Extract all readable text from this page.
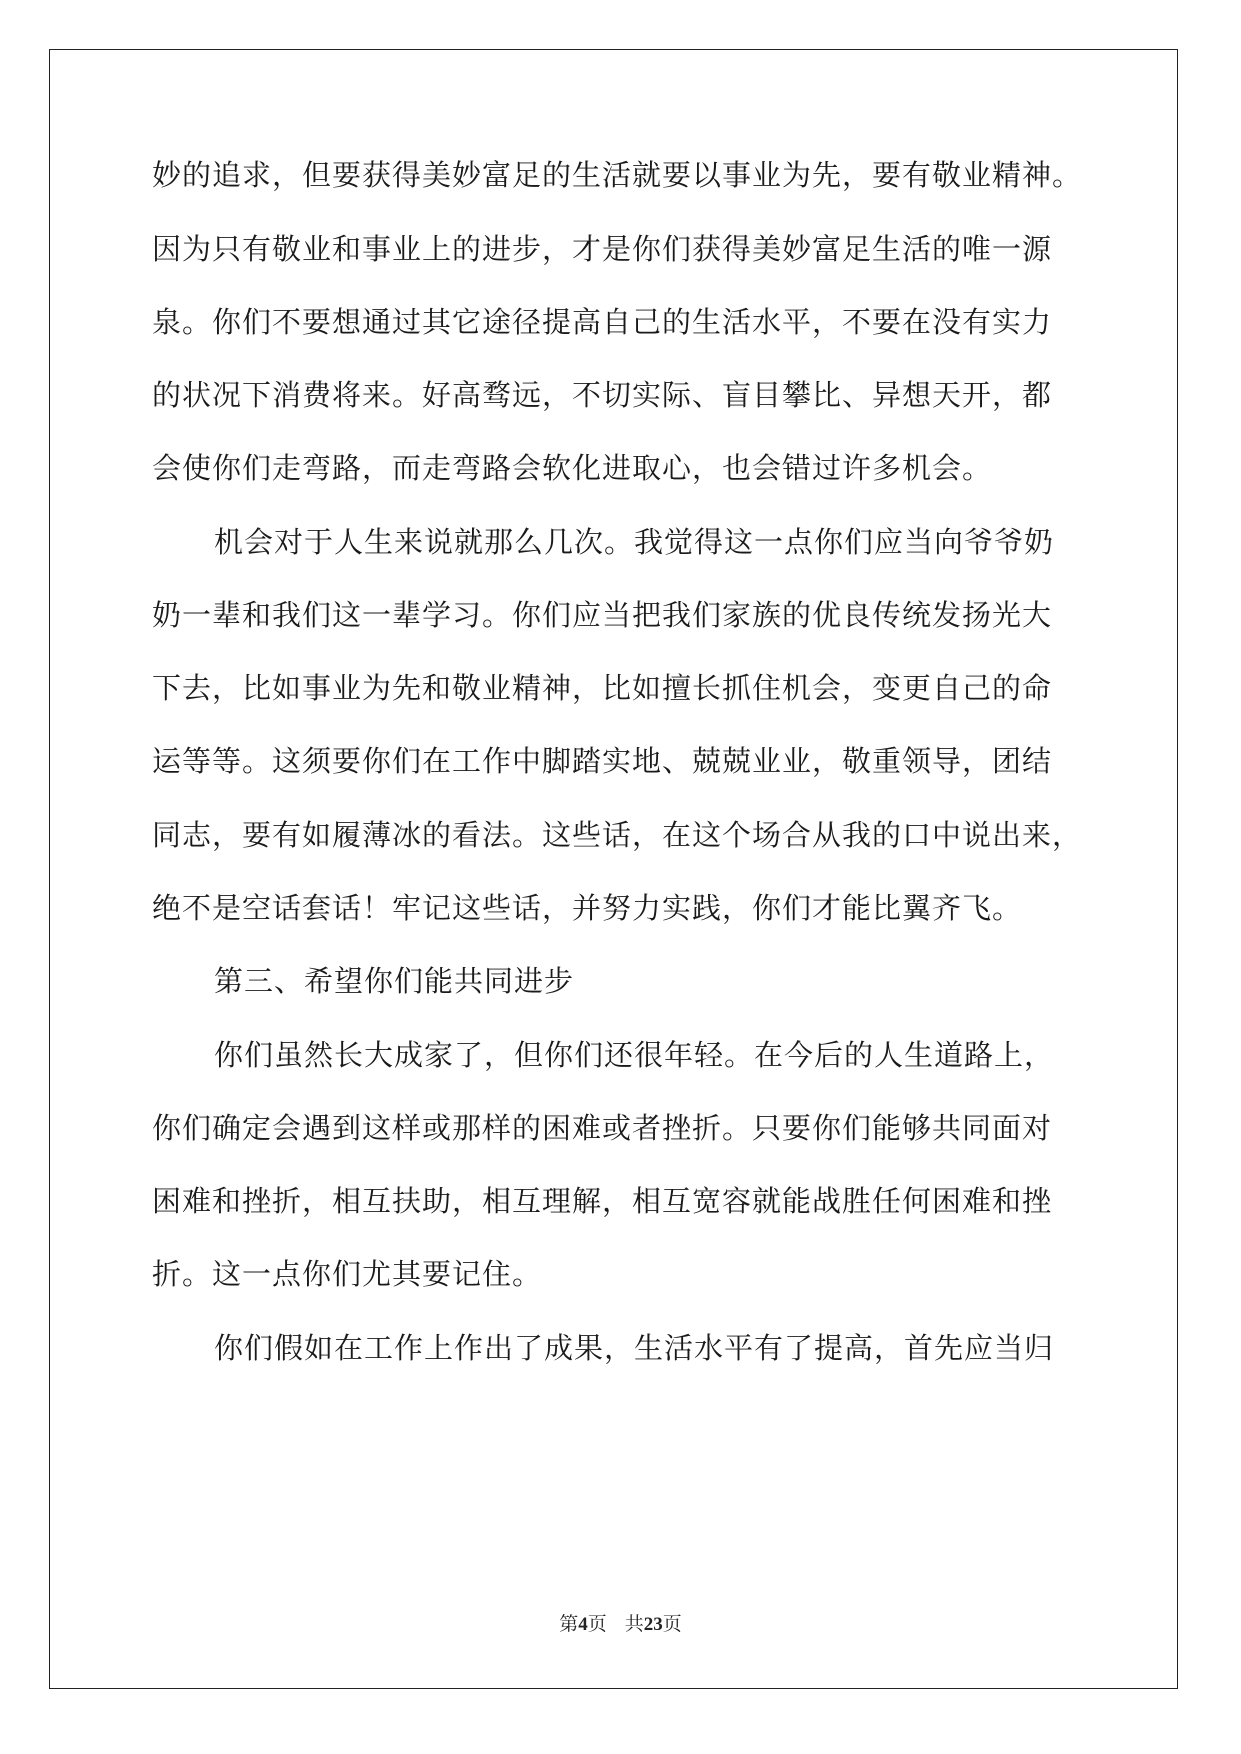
妙的追求，但要获得美妙富足的生活就要以事业为先，要有敬业精神。
因为只有敬业和事业上的进步，才是你们获得美妙富足生活的唯一源
泉。你们不要想通过其它途径提高自己的生活水平，不要在没有实力
的状况下消费将来。好高骛远，不切实际、盲目攀比、异想天开，都
会使你们走弯路，而走弯路会软化进取心，也会错过许多机会。
机会对于人生来说就那么几次。我觉得这一点你们应当向爷爷奶
奶一辈和我们这一辈学习。你们应当把我们家族的优良传统发扬光大
下去，比如事业为先和敬业精神，比如擅长抓住机会，变更自己的命
运等等。这须要你们在工作中脚踏实地、兢兢业业，敬重领导，团结
同志，要有如履薄冰的看法。这些话，在这个场合从我的口中说出来，
绝不是空话套话！牢记这些话，并努力实践，你们才能比翼齐飞。
第三、希望你们能共同进步
你们虽然长大成家了，但你们还很年轻。在今后的人生道路上，
你们确定会遇到这样或那样的困难或者挫折。只要你们能够共同面对
困难和挫折，相互扶助，相互理解，相互宽容就能战胜任何困难和挫
折。这一点你们尤其要记住。
你们假如在工作上作出了成果，生活水平有了提高，首先应当归
第4页 共23页
